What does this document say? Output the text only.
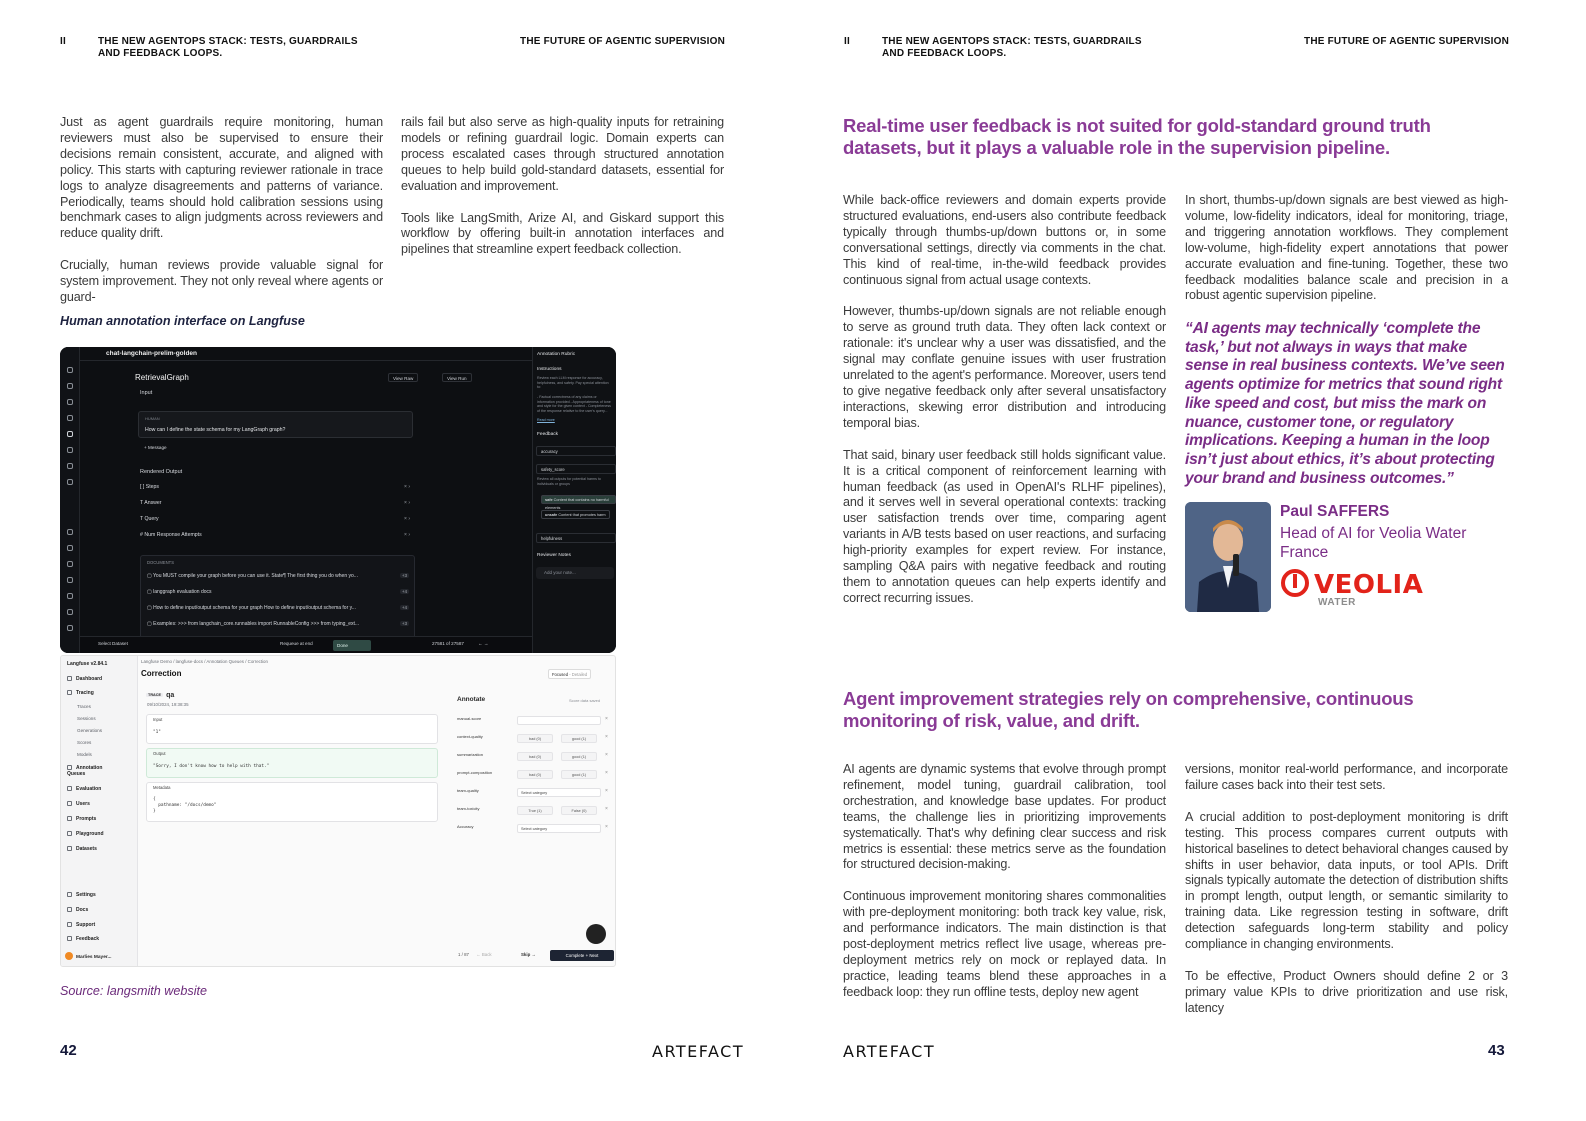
II	THE NEW AGENTOPS STACK: TESTS, GUARDRAILS AND FEEDBACK LOOPS.
THE FUTURE OF AGENTIC SUPERVISION

Just as agent guardrails require monitoring, human reviewers must also be supervised to ensure their decisions remain consistent, accurate, and aligned with policy. This starts with capturing reviewer rationale in trace logs to analyze disagreements and patterns of variance. Periodically, teams should hold calibration sessions using benchmark cases to align judgments across reviewers and reduce quality drift.

Crucially, human reviews provide valuable signal for system improvement. They not only reveal where agents or guard-

rails fail but also serve as high-quality inputs for retraining models or refining guardrail logic. Domain experts can process escalated cases through structured annotation queues to help build gold-standard datasets, essential for evaluation and improvement.

Tools like LangSmith, Arize AI, and Giskard support this workflow by offering built-in annotation interfaces and pipelines that streamline expert feedback collection.

Human annotation interface on Langfuse
chat-langchain-prelim-golden
RetrievalGraph	View Raw	View Run
Input
HUMAN
How can I define the state schema for my LangGraph graph?
+ Message
Rendered Output
[ ] Steps	× ›
T Answer	× ›
T Query	× ›
# Num Response Attempts	× ›
DOCUMENTS
▢ You MUST compile your graph before you can use it. State¶ The first thing you do when yo...	+3
▢ langgraph evaluation docs	+4
▢ How to define input/output schema for your graph How to define input/output schema for y...	+4
▢ Examples: >>> from langchain_core.runnables import RunnableConfig >>> from typing_ext...	+3
Select Dataset	Requeue at end	Done	27581 of 27587	← →
Annotation Rubric
Instructions
Review each LLM response for accuracy, helpfulness, and safety. Pay special attention to:
- Factual correctness of any claims or information provided - Appropriateness of tone and style for the given context - Completeness of the response relative to the user's query...
Read more
Feedback
accuracy
safety_score
Review all outputs for potential harms to individuals or groups
safe Content that contains no harmful elements
unsafe Content that promotes harm
helpfulness
Reviewer Notes
Add your note...
Langfuse v2.84.1
Dashboard
Tracing
Traces
Sessions
Generations
Scores
Models
Annotation Queues
Evaluation
Users
Prompts
Playground
Datasets
Settings
Docs
Support
Feedback
Marlies Mayer...
Langfuse Demo / langfuse-docs / Annotation Queues / Correction
Correction	Focused · Detailed
TRACE qa
09/10/2024, 19:38:35
Input
"1"
Output
"Sorry, I don't know how to help with that."
Metadata
{
pathname: "/docs/demo"
}
Annotate	Score data saved
manual-score	×
context-quality	bad (0)	good (1)	×
summarization	bad (0)	good (1)	×
prompt-composition	bad (0)	good (1)	×
team-quality	Select category	×
team-toxicity	True (1)	False (0)	×
Accuracy	Select category	×
1 / 87 ← Back	Skip →	Complete + Next
Source: langsmith website
42	ARTEFACT
II	THE NEW AGENTOPS STACK: TESTS, GUARDRAILS AND FEEDBACK LOOPS.
THE FUTURE OF AGENTIC SUPERVISION
Real-time user feedback is not suited for gold-standard ground truth datasets, but it plays a valuable role in the supervision pipeline.

While back-office reviewers and domain experts provide structured evaluations, end-users also contribute feedback typically through thumbs-up/down buttons or, in some conversational settings, directly via comments in the chat. This kind of real-time, in-the-wild feedback provides continuous signal from actual usage contexts.

However, thumbs-up/down signals are not reliable enough to serve as ground truth data. They often lack context or rationale: it's unclear why a user was dissatisfied, and the signal may conflate genuine issues with user frustration unrelated to the agent's performance. Moreover, users tend to give negative feedback only after several unsatisfactory interactions, skewing error distribution and introducing temporal bias.

That said, binary user feedback still holds significant value. It is a critical component of reinforcement learning with human feedback (as used in OpenAI's RLHF pipelines), and it serves well in several operational contexts: tracking user satisfaction trends over time, comparing agent variants in A/B tests based on user reactions, and surfacing high-priority examples for expert review. For instance, sampling Q&A pairs with negative feedback and routing them to annotation queues can help experts identify and correct recurring issues.

In short, thumbs-up/down signals are best viewed as high-volume, low-fidelity indicators, ideal for monitoring, triage, and triggering annotation workflows. They complement low-volume, high-fidelity expert annotations that power accurate evaluation and fine-tuning. Together, these two feedback modalities balance scale and precision in a robust agentic supervision pipeline.

“AI agents may technically ‘complete the task,’ but not always in ways that make sense in real business contexts. We’ve seen agents optimize for metrics that sound right like speed and cost, but miss the mark on nuance, customer tone, or regulatory implications. Keeping a human in the loop isn’t just about ethics, it’s about protecting your brand and business outcomes.”
Agent improvement strategies rely on comprehensive, continuous monitoring of risk, value, and drift.

AI agents are dynamic systems that evolve through prompt refinement, model tuning, guardrail calibration, tool orchestration, and knowledge base updates. For product teams, the challenge lies in prioritizing improvements systematically. That's why defining clear success and risk metrics is essential: these metrics serve as the foundation for structured decision-making.

Continuous improvement monitoring shares commonalities with pre-deployment monitoring: both track key value, risk, and performance indicators. The main distinction is that post-deployment metrics reflect live usage, whereas pre-deployment metrics rely on mock or replayed data. In practice, leading teams blend these approaches in a feedback loop: they run offline tests, deploy new agent

versions, monitor real-world performance, and incorporate failure cases back into their test sets.

A crucial addition to post-deployment monitoring is drift testing. This process compares current outputs with historical baselines to detect behavioral changes caused by shifts in user behavior, data inputs, or tool APIs. Drift signals typically automate the detection of distribution shifts in prompt length, output length, or semantic similarity to training data. Like regression testing in software, drift detection safeguards long-term stability and policy compliance in changing environments.

To be effective, Product Owners should define 2 or 3 primary value KPIs to drive prioritization and use risk, latency

43
ARTEFACT
Paul SAFFERS
Head of AI for Veolia Water France
VEOLIA
WATER
